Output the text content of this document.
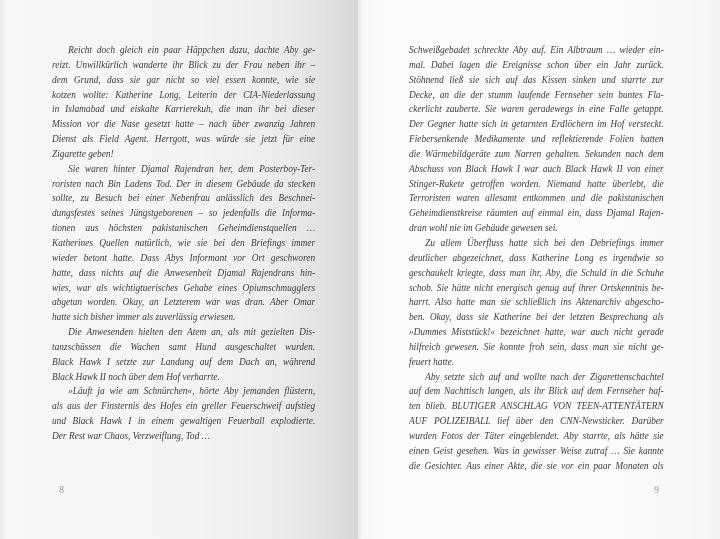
Reicht doch gleich ein paar Häppchen dazu, dachte Aby ge-
reizt. Unwillkürlich wanderte ihr Blick zu der Frau neben ihr –
dem Grund, dass sie gar nicht so viel essen konnte, wie sie
kotzen wollte: Katherine Long, Leiterin der CIA-Niederlassung
in Islamabad und eiskalte Karrierekuh, die man ihr bei dieser
Mission vor die Nase gesetzt hatte – nach über zwanzig Jahren
Dienst als Field Agent. Herrgott, was würde sie jetzt für eine
Zigarette geben!
Sie waren hinter Djamal Rajendran her, dem Posterboy-Ter-
roristen nach Bin Ladens Tod. Der in diesem Gebäude da stecken
sollte, zu Besuch bei einer Nebenfrau anlässlich des Beschnei-
dungsfestes seines Jüngstgeborenen – so jedenfalls die Informa-
tionen aus höchsten pakistanischen Geheimdienstquellen …
Katherines Quellen natürlich, wie sie bei den Briefings immer
wieder betont hatte. Dass Abys Informant vor Ort geschworen
hatte, dass nichts auf die Anwesenheit Djamal Rajendrans hin-
wies, war als wichtigtuerisches Gehabe eines Opiumschmugglers
abgetan worden. Okay, an Letzterem war was dran. Aber Omar
hatte sich bisher immer als zuverlässig erwiesen.
Die Anwesenden hielten den Atem an, als mit gezielten Dis-
tanzschüssen die Wachen samt Hund ausgeschaltet wurden.
Black Hawk I setzte zur Landung auf dem Dach an, während
Black Hawk II noch über dem Hof verharrte.
»Läuft ja wie am Schnürchen«, hörte Aby jemanden flüstern,
als aus der Finsternis des Hofes ein greller Feuerschweif aufstieg
und Black Hawk I in einem gewaltigen Feuerball explodierte.
Der Rest war Chaos, Verzweiflung, Tod …
8
Schweißgebadet schreckte Aby auf. Ein Albtraum … wieder ein-
mal. Dabei lagen die Ereignisse schon über ein Jahr zurück.
Stöhnend ließ sie sich auf das Kissen sinken und starrte zur
Decke, an die der stumm laufende Fernseher sein buntes Fla-
ckerlicht zauberte. Sie waren geradewegs in eine Falle getappt.
Der Gegner hatte sich in getarnten Erdlöchern im Hof versteckt.
Fiebersenkende Medikamente und reflektierende Folien hatten
die Wärmebildgeräte zum Narren gehalten. Sekunden nach dem
Abschuss von Black Hawk I war auch Black Hawk II von einer
Stinger-Rakete getroffen worden. Niemand hatte überlebt, die
Terroristen waren allesamt entkommen und die pakistanischen
Geheimdienstkreise räumten auf einmal ein, dass Djamal Rajen-
dran wohl nie im Gebäude gewesen sei.
Zu allem Überfluss hatte sich bei den Debriefings immer
deutlicher abgezeichnet, dass Katherine Long es irgendwie so
geschaukelt kriegte, dass man ihr, Aby, die Schuld in die Schuhe
schob. Sie hätte nicht energisch genug auf ihrer Ortskenntnis be-
harrt. Also hatte man sie schließlich ins Aktenarchiv abgescho-
ben. Okay, dass sie Katherine bei der letzten Besprechung als
»Dummes Miststück!« bezeichnet hatte, war auch nicht gerade
hilfreich gewesen. Sie konnte froh sein, dass man sie nicht ge-
feuert hatte.
Aby setzte sich auf und wollte nach der Zigarettenschachtel
auf dem Nachttisch langen, als ihr Blick auf dem Fernseher haf-
ten blieb. BLUTIGER ANSCHLAG VON TEEN-ATTENTÄTERN
AUF POLIZEIBALL lief über den CNN-Newsticker. Darüber
wurden Fotos der Täter eingeblendet. Aby starrte, als hätte sie
einen Geist gesehen. Was in gewisser Weise zutraf … Sie kannte
die Gesichter. Aus einer Akte, die sie vor ein paar Monaten als
9
